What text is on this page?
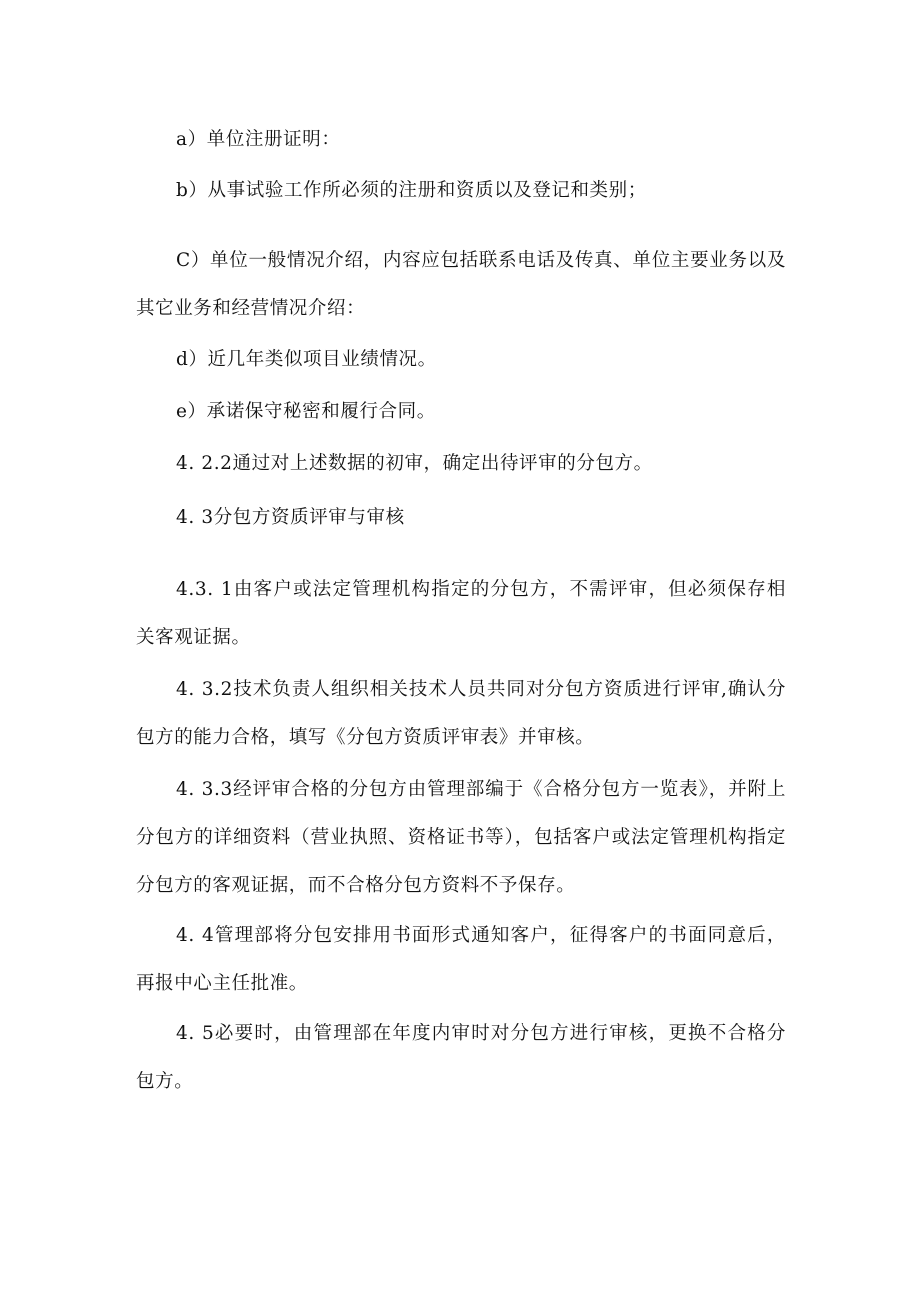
a）单位注册证明：

b）从事试验工作所必须的注册和资质以及登记和类别；

C）单位一般情况介绍，内容应包括联系电话及传真、单位主要业务以及其它业务和经营情况介绍：

d）近几年类似项目业绩情况。

e）承诺保守秘密和履行合同。

4. 2.2通过对上述数据的初审，确定出待评审的分包方。

4. 3分包方资质评审与审核

4.3. 1由客户或法定管理机构指定的分包方，不需评审，但必须保存相关客观证据。

4. 3.2技术负责人组织相关技术人员共同对分包方资质进行评审,确认分包方的能力合格，填写《分包方资质评审表》并审核。

4. 3.3经评审合格的分包方由管理部编于《合格分包方一览表》，并附上分包方的详细资料（营业执照、资格证书等），包括客户或法定管理机构指定分包方的客观证据，而不合格分包方资料不予保存。

4. 4管理部将分包安排用书面形式通知客户，征得客户的书面同意后，再报中心主任批准。

4. 5必要时，由管理部在年度内审时对分包方进行审核，更换不合格分包方。
